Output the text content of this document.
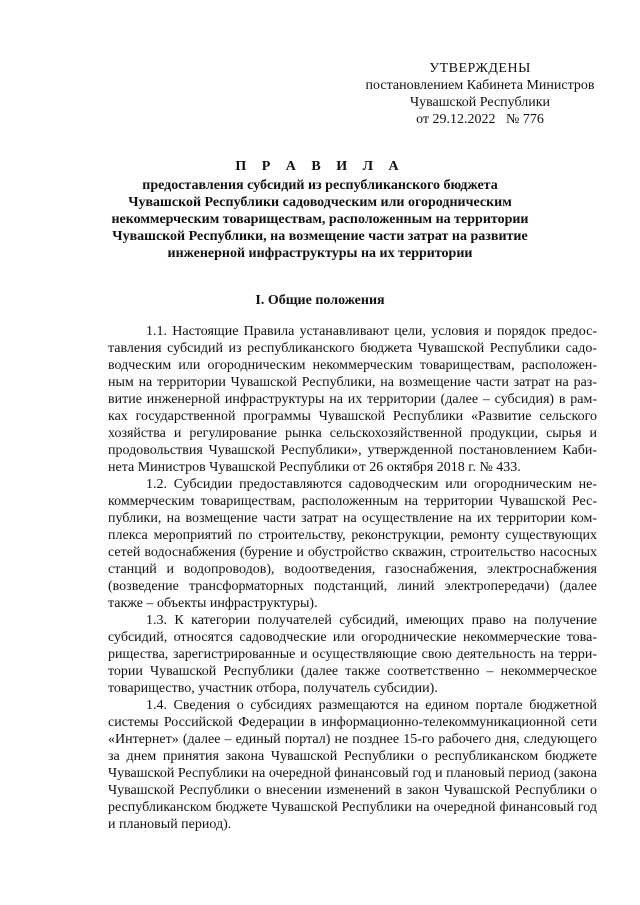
УТВЕРЖДЕНЫ
постановлением Кабинета Министров
Чувашской Республики
от 29.12.2022   № 776
П Р А В И Л А
предоставления субсидий из республиканского бюджета
Чувашской Республики садоводческим или огородническим
некоммерческим товариществам, расположенным на территории
Чувашской Республики, на возмещение части затрат на развитие
инженерной инфраструктуры на их территории
I. Общие положения

1.1. Настоящие Правила устанавливают цели, условия и порядок предоставления субсидий из республиканского бюджета Чувашской Республики садоводческим или огородническим некоммерческим товариществам, расположенным на территории Чувашской Республики, на возмещение части затрат на развитие инженерной инфраструктуры на их территории (далее – субсидия) в рамках государственной программы Чувашской Республики «Развитие сельского хозяйства и регулирование рынка сельскохозяйственной продукции, сырья и продовольствия Чувашской Республики», утвержденной постановлением Кабинета Министров Чувашской Республики от 26 октября 2018 г. № 433.

1.2. Субсидии предоставляются садоводческим или огородническим некоммерческим товариществам, расположенным на территории Чувашской Республики, на возмещение части затрат на осуществление на их территории комплекса мероприятий по строительству, реконструкции, ремонту существующих сетей водоснабжения (бурение и обустройство скважин, строительство насосных станций и водопроводов), водоотведения, газоснабжения, электроснабжения (возведение трансформаторных подстанций, линий электропередачи) (далее также – объекты инфраструктуры).

1.3. К категории получателей субсидий, имеющих право на получение субсидий, относятся садоводческие или огороднические некоммерческие товарищества, зарегистрированные и осуществляющие свою деятельность на территории Чувашской Республики (далее также соответственно – некоммерческое товарищество, участник отбора, получатель субсидии).

1.4. Сведения о субсидиях размещаются на едином портале бюджетной системы Российской Федерации в информационно-телекоммуникационной сети «Интернет» (далее – единый портал) не позднее 15-го рабочего дня, следующего за днем принятия закона Чувашской Республики о республиканском бюджете Чувашской Республики на очередной финансовый год и плановый период (закона Чувашской Республики о внесении изменений в закон Чувашской Республики о республиканском бюджете Чувашской Республики на очередной финансовый год и плановый период).
